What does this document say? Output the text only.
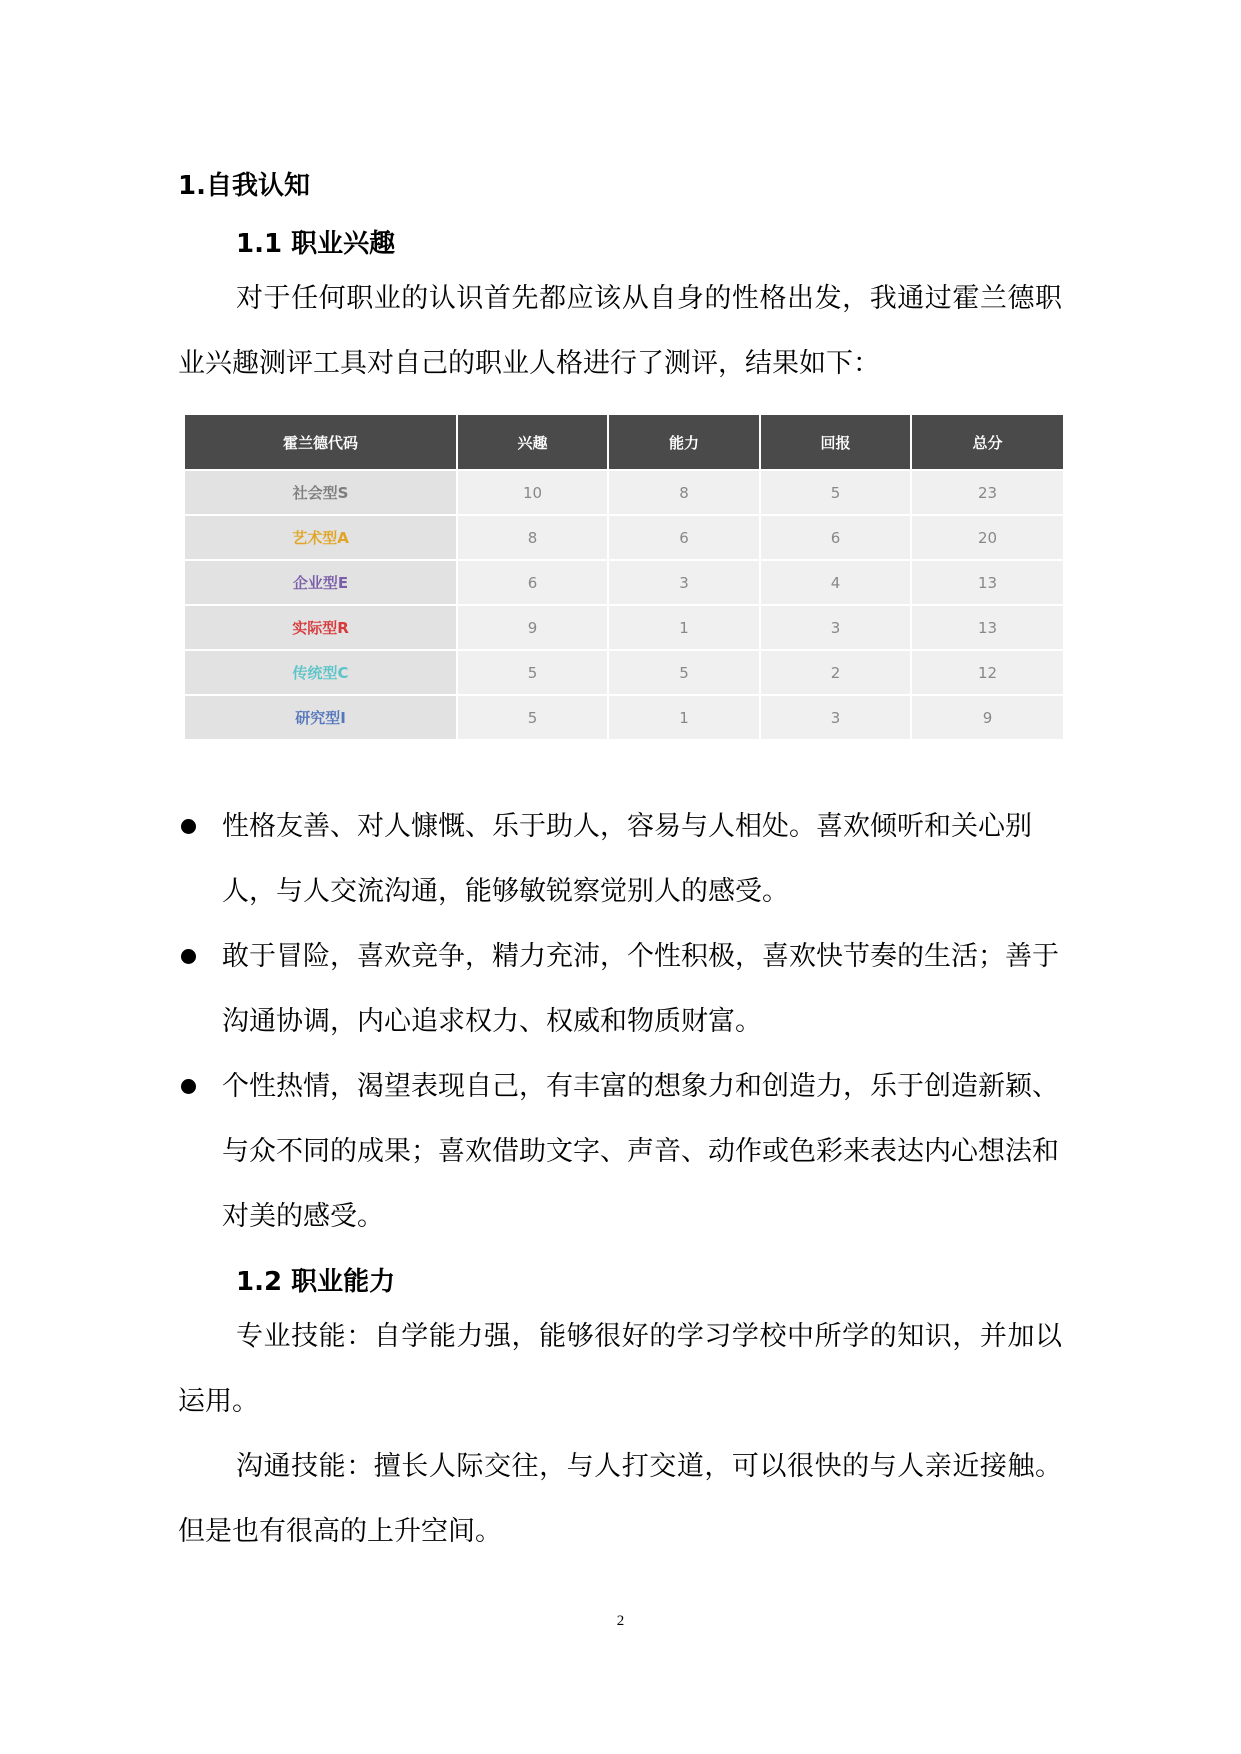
1.自我认知
1.1 职业兴趣

对于任何职业的认识首先都应该从自身的性格出发，我通过霍兰德职业兴趣测评工具对自己的职业人格进行了测评，结果如下：

霍兰德代码	兴趣	能力	回报	总分
社会型S	10	8	5	23
艺术型A	8	6	6	20
企业型E	6	3	4	13
实际型R	9	1	3	13
传统型C	5	5	2	12
研究型I	5	1	3	9
性格友善、对人慷慨、乐于助人，容易与人相处。喜欢倾听和关心别人，与人交流沟通，能够敏锐察觉别人的感受。
敢于冒险，喜欢竞争，精力充沛，个性积极，喜欢快节奏的生活；善于沟通协调，内心追求权力、权威和物质财富。
个性热情，渴望表现自己，有丰富的想象力和创造力，乐于创造新颖、与众不同的成果；喜欢借助文字、声音、动作或色彩来表达内心想法和对美的感受。
1.2 职业能力

专业技能：自学能力强，能够很好的学习学校中所学的知识，并加以运用。

沟通技能：擅长人际交往，与人打交道，可以很快的与人亲近接触。但是也有很高的上升空间。

2
